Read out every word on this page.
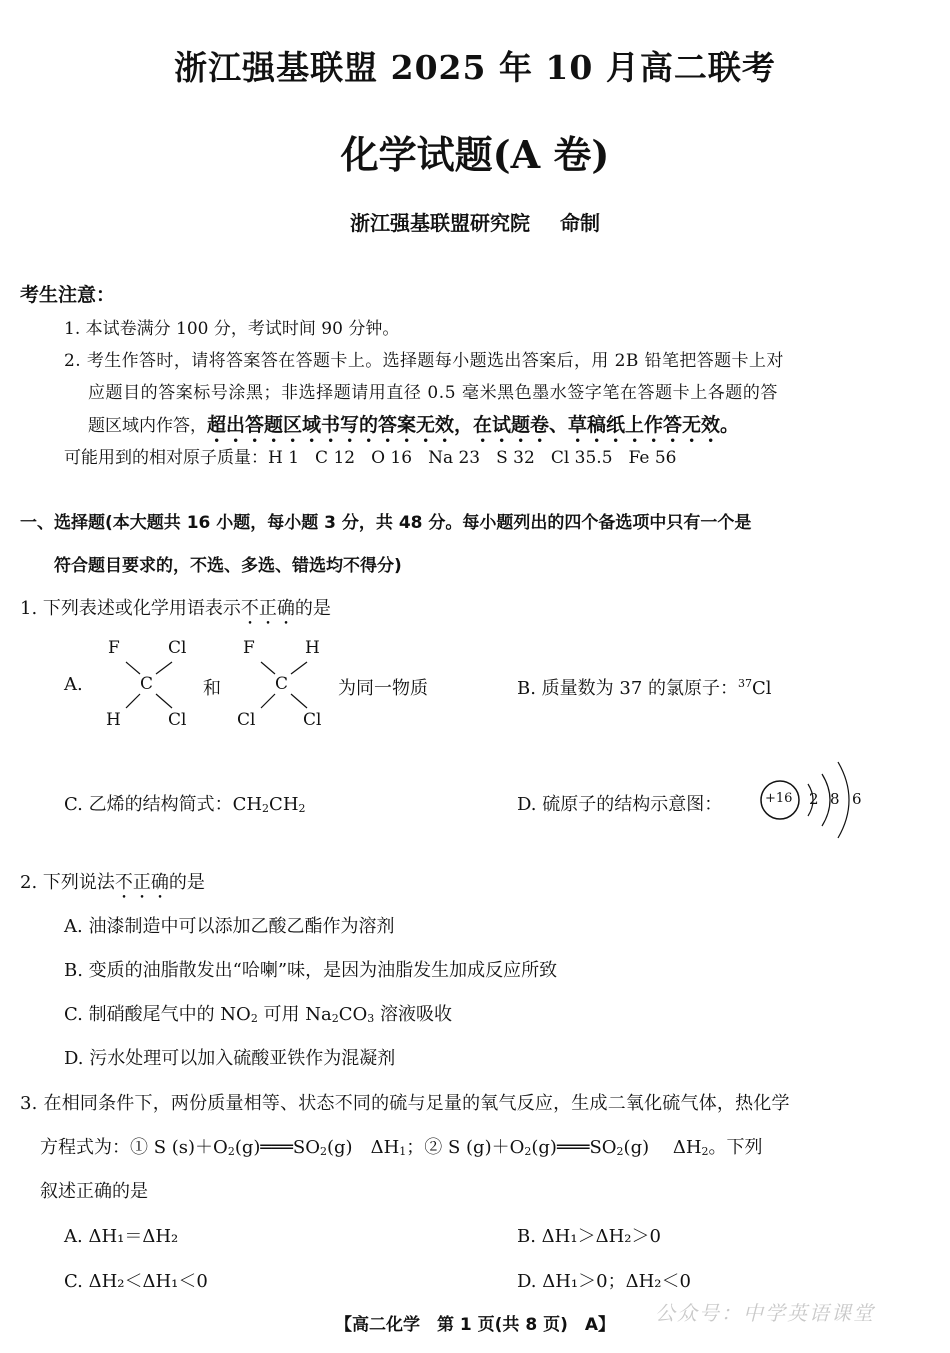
浙江强基联盟 2025 年 10 月高二联考
化学试题(A 卷)
浙江强基联盟研究院 命制
考生注意：
1. 本试卷满分 100 分，考试时间 90 分钟。
2. 考生作答时，请将答案答在答题卡上。选择题每小题选出答案后，用 2B 铅笔把答题卡上对
应题目的答案标号涂黑；非选择题请用直径 0.5 毫米黑色墨水签字笔在答题卡上各题的答
题区域内作答，超出答题区域书写的答案无效，在试题卷、草稿纸上作答无效。
可能用到的相对原子质量：H 1 C 12 O 16 Na 23 S 32 Cl 35.5 Fe 56
一、选择题(本大题共 16 小题，每小题 3 分，共 48 分。每小题列出的四个备选项中只有一个是
符合题目要求的，不选、多选、错选均不得分)
1. 下列表述或化学用语表示不正确的是
A.
F	Cl
C
H	Cl
和
F	H
C
Cl	Cl
为同一物质	B. 质量数为 37 的氯原子：$^{37}$Cl
C. 乙烯的结构简式：$CH_2CH_2$	D. 硫原子的结构示意图：	+16 2 8 6
2. 下列说法不正确的是
A. 油漆制造中可以添加乙酸乙酯作为溶剂
B. 变质的油脂散发出“哈喇”味，是因为油脂发生加成反应所致
C. 制硝酸尾气中的 $NO_2$ 可用 $Na_2CO_3$ 溶液吸收
D. 污水处理可以加入硫酸亚铁作为混凝剂
3. 在相同条件下，两份质量相等、状态不同的硫与足量的氧气反应，生成二氧化硫气体，热化学
方程式为：① S $(s)+O_2(g)═══SO_2(g)$　$\Delta H_1$；② S $(g)+O_2(g)═══SO_2(g)$　 $\Delta H_2$。下列
叙述正确的是
A. ΔH₁＝ΔH₂	B. ΔH₁＞ΔH₂＞0
C. ΔH₂＜ΔH₁＜0	D. ΔH₁＞0；ΔH₂＜0
【高二化学　第 1 页(共 8 页)　A】	公众号：中学英语课堂
